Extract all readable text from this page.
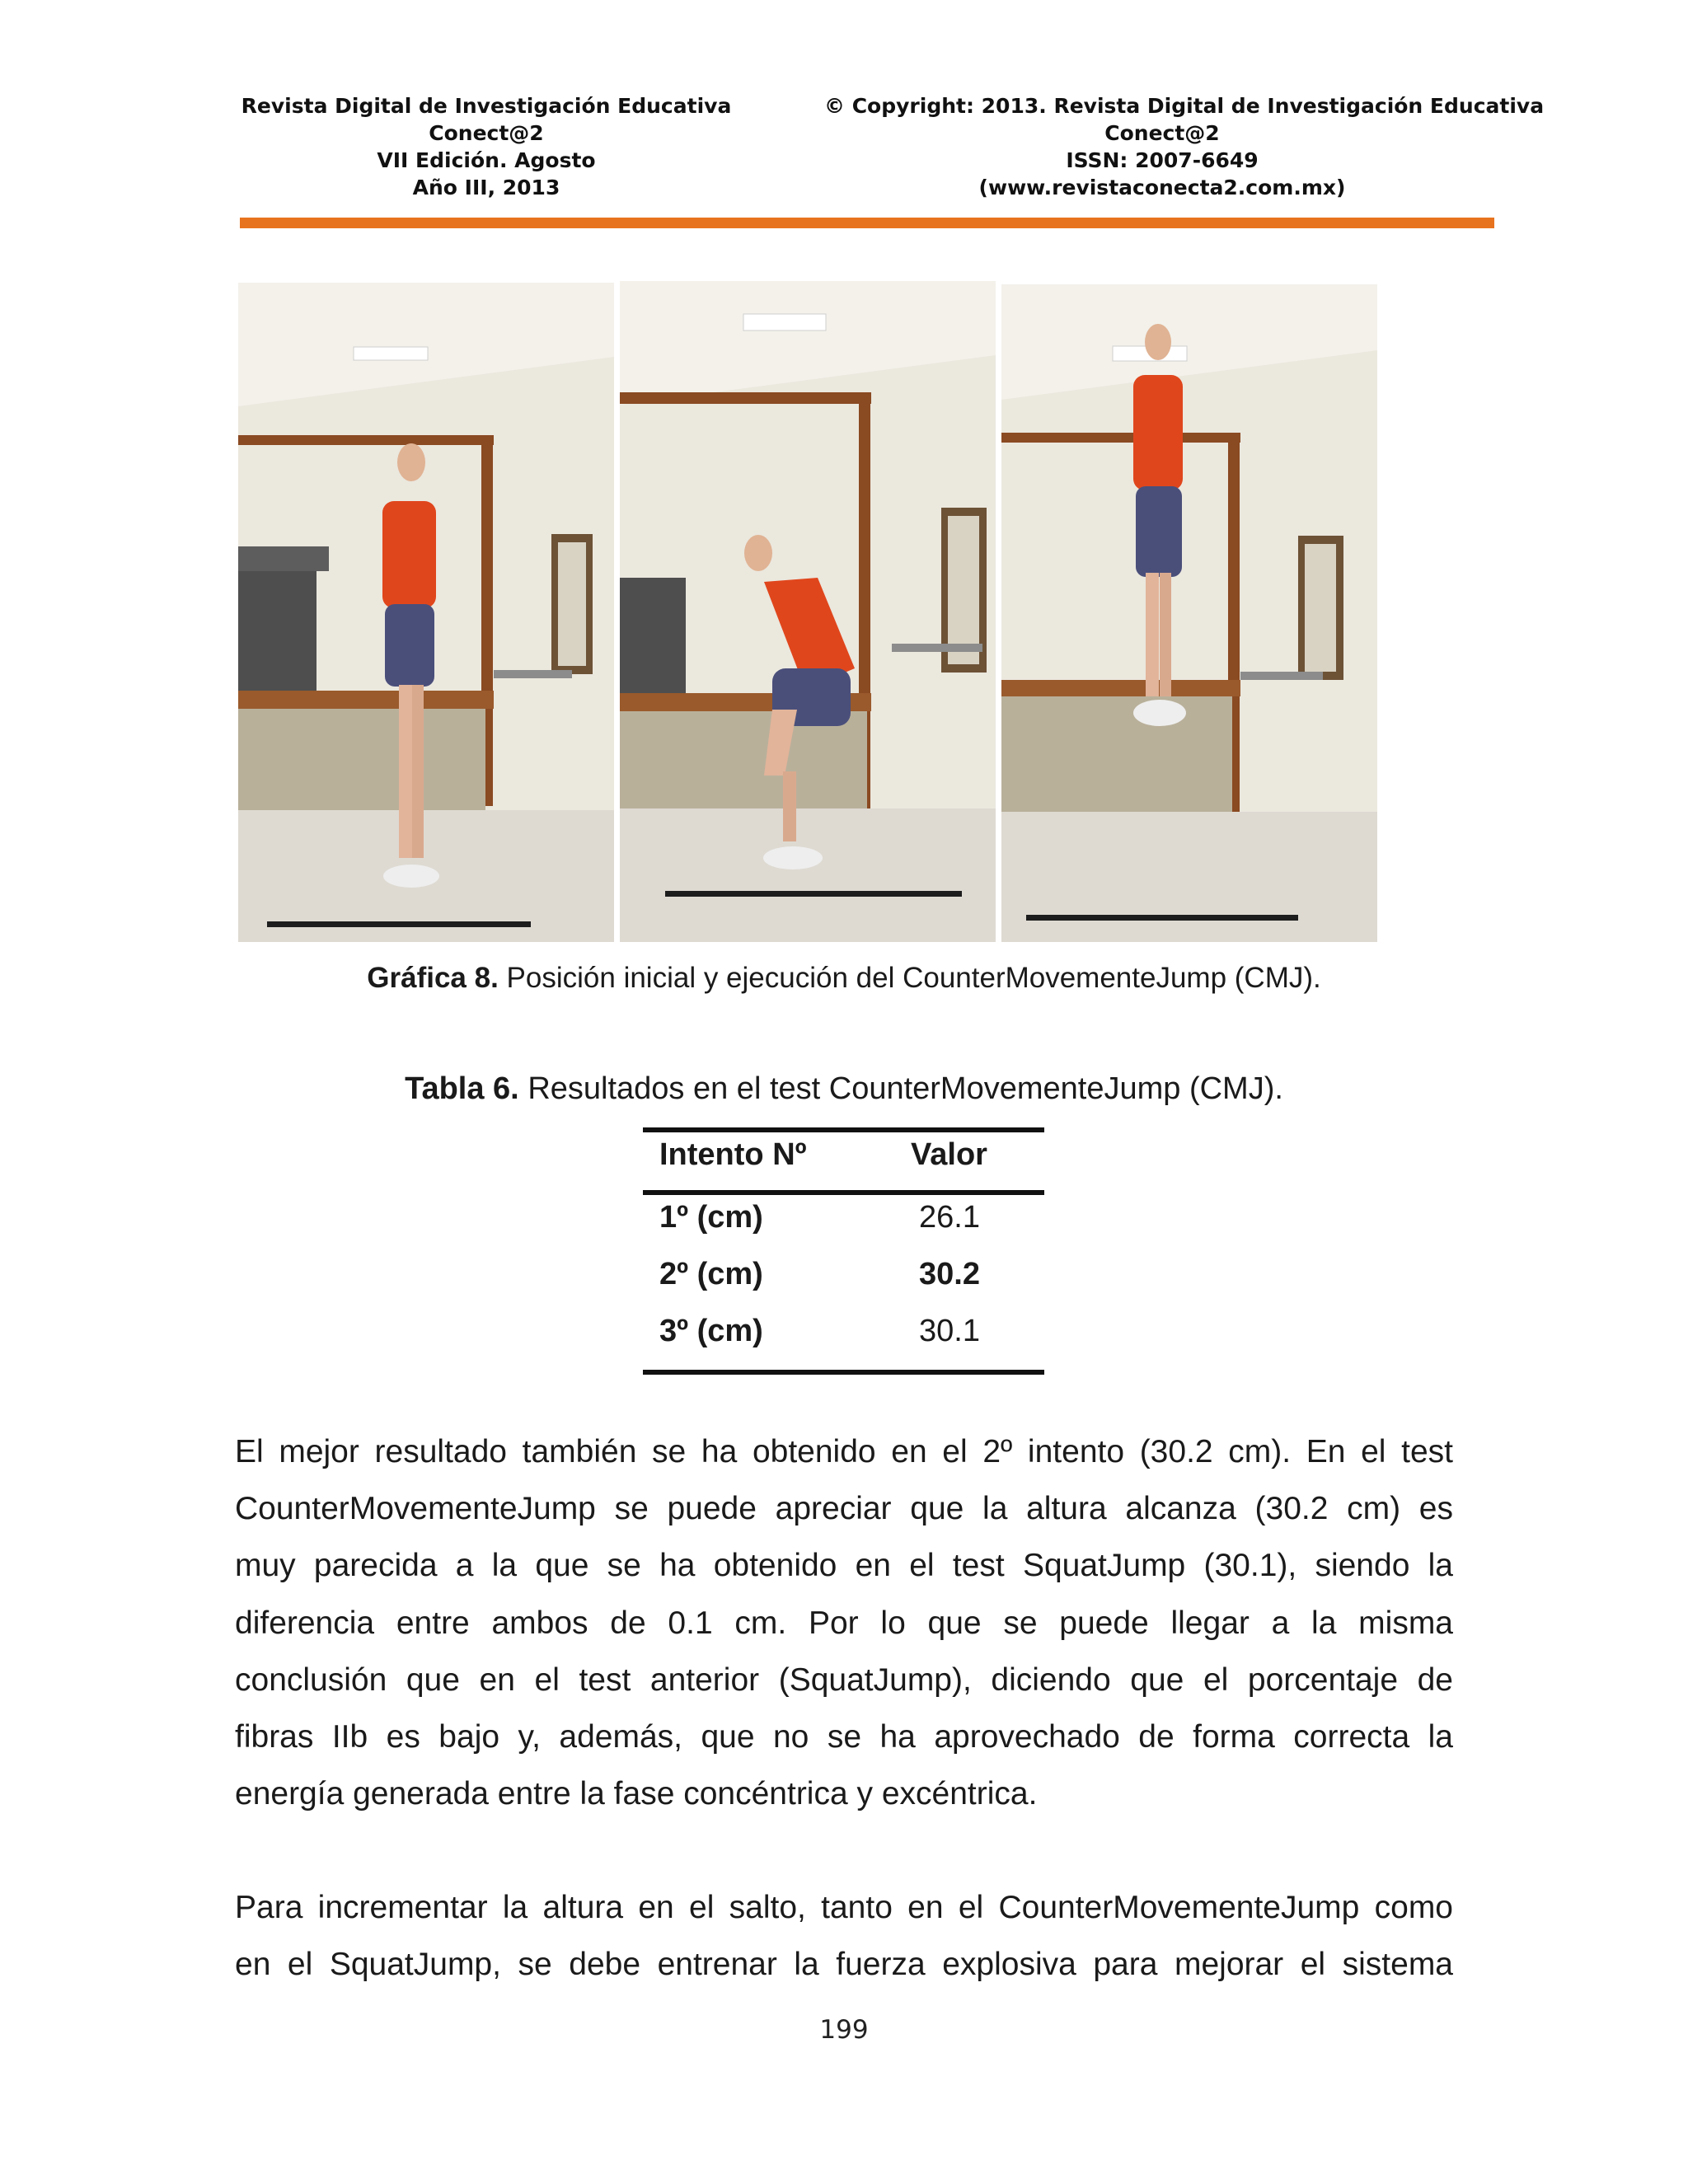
Revista Digital de Investigación Educativa
Conect@2
VII Edición. Agosto
Año III, 2013
© Copyright: 2013. Revista Digital de Investigación Educativa
Conect@2
ISSN: 2007-6649
(www.revistaconecta2.com.mx)
Gráfica 8. Posición inicial y ejecución del CounterMovementeJump (CMJ).
Tabla 6. Resultados en el test CounterMovementeJump (CMJ).
Intento Nº	Valor
1º (cm)	26.1
2º (cm)	30.2
3º (cm)	30.1
El mejor resultado también se ha obtenido en el 2º intento (30.2 cm). En el test
CounterMovementeJump se puede apreciar que la altura alcanza (30.2 cm) es
muy parecida a la que se ha obtenido en el test SquatJump (30.1), siendo la
diferencia entre ambos de 0.1 cm. Por lo que se puede llegar a la misma
conclusión que en el test anterior (SquatJump), diciendo que el porcentaje de
fibras IIb es bajo y, además, que no se ha aprovechado de forma correcta la
energía generada entre la fase concéntrica y excéntrica.
Para incrementar la altura en el salto, tanto en el CounterMovementeJump como
en el SquatJump, se debe entrenar la fuerza explosiva para mejorar el sistema
199
